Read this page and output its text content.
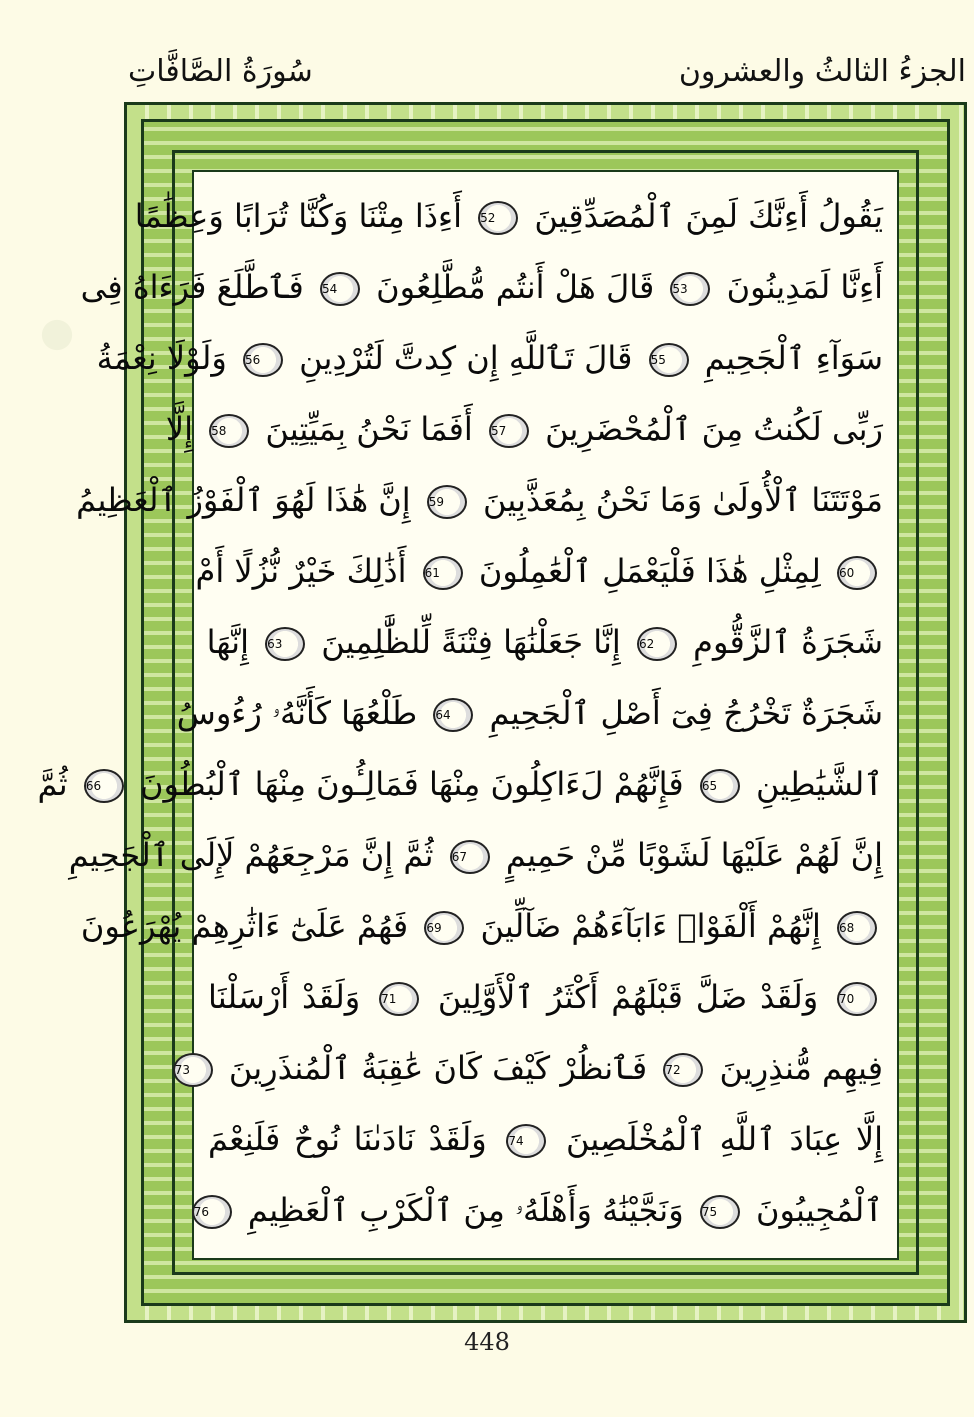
الجزءُ الثالثُ والعشرون
سُورَةُ الصَّافَّاتِ
يَقُولُ أَءِنَّكَ لَمِنَ ٱلْمُصَدِّقِينَ 52 أَءِذَا مِتْنَا وَكُنَّا تُرَابًا وَعِظَٰمًا
أَءِنَّا لَمَدِينُونَ 53 قَالَ هَلْ أَنتُم مُّطَّلِعُونَ 54 فَٱطَّلَعَ فَرَءَاهُ فِى
سَوَآءِ ٱلْجَحِيمِ 55 قَالَ تَٱللَّهِ إِن كِدتَّ لَتُرْدِينِ 56 وَلَوْلَا نِعْمَةُ
رَبِّى لَكُنتُ مِنَ ٱلْمُحْضَرِينَ 57 أَفَمَا نَحْنُ بِمَيِّتِينَ 58 إِلَّا
مَوْتَتَنَا ٱلْأُولَىٰ وَمَا نَحْنُ بِمُعَذَّبِينَ 59 إِنَّ هَٰذَا لَهُوَ ٱلْفَوْزُ ٱلْعَظِيمُ
60 لِمِثْلِ هَٰذَا فَلْيَعْمَلِ ٱلْعَٰمِلُونَ 61 أَذَٰلِكَ خَيْرٌ نُّزُلًا أَمْ
شَجَرَةُ ٱلزَّقُّومِ 62 إِنَّا جَعَلْنَٰهَا فِتْنَةً لِّلظَّٰلِمِينَ 63 إِنَّهَا
شَجَرَةٌ تَخْرُجُ فِىٓ أَصْلِ ٱلْجَحِيمِ 64 طَلْعُهَا كَأَنَّهُۥ رُءُوسُ
ٱلشَّيَٰطِينِ 65 فَإِنَّهُمْ لَءَاكِلُونَ مِنْهَا فَمَالِـُٔونَ مِنْهَا ٱلْبُطُونَ 66 ثُمَّ
إِنَّ لَهُمْ عَلَيْهَا لَشَوْبًا مِّنْ حَمِيمٍ 67 ثُمَّ إِنَّ مَرْجِعَهُمْ لَإِلَى ٱلْجَحِيمِ
68 إِنَّهُمْ أَلْفَوْا۟ ءَابَآءَهُمْ ضَآلِّينَ 69 فَهُمْ عَلَىٰٓ ءَاثَٰرِهِمْ يُهْرَعُونَ
70 وَلَقَدْ ضَلَّ قَبْلَهُمْ أَكْثَرُ ٱلْأَوَّلِينَ 71 وَلَقَدْ أَرْسَلْنَا
فِيهِم مُّنذِرِينَ 72 فَٱنظُرْ كَيْفَ كَانَ عَٰقِبَةُ ٱلْمُنذَرِينَ 73
إِلَّا عِبَادَ ٱللَّهِ ٱلْمُخْلَصِينَ 74 وَلَقَدْ نَادَىٰنَا نُوحٌ فَلَنِعْمَ
ٱلْمُجِيبُونَ 75 وَنَجَّيْنَٰهُ وَأَهْلَهُۥ مِنَ ٱلْكَرْبِ ٱلْعَظِيمِ 76
448
